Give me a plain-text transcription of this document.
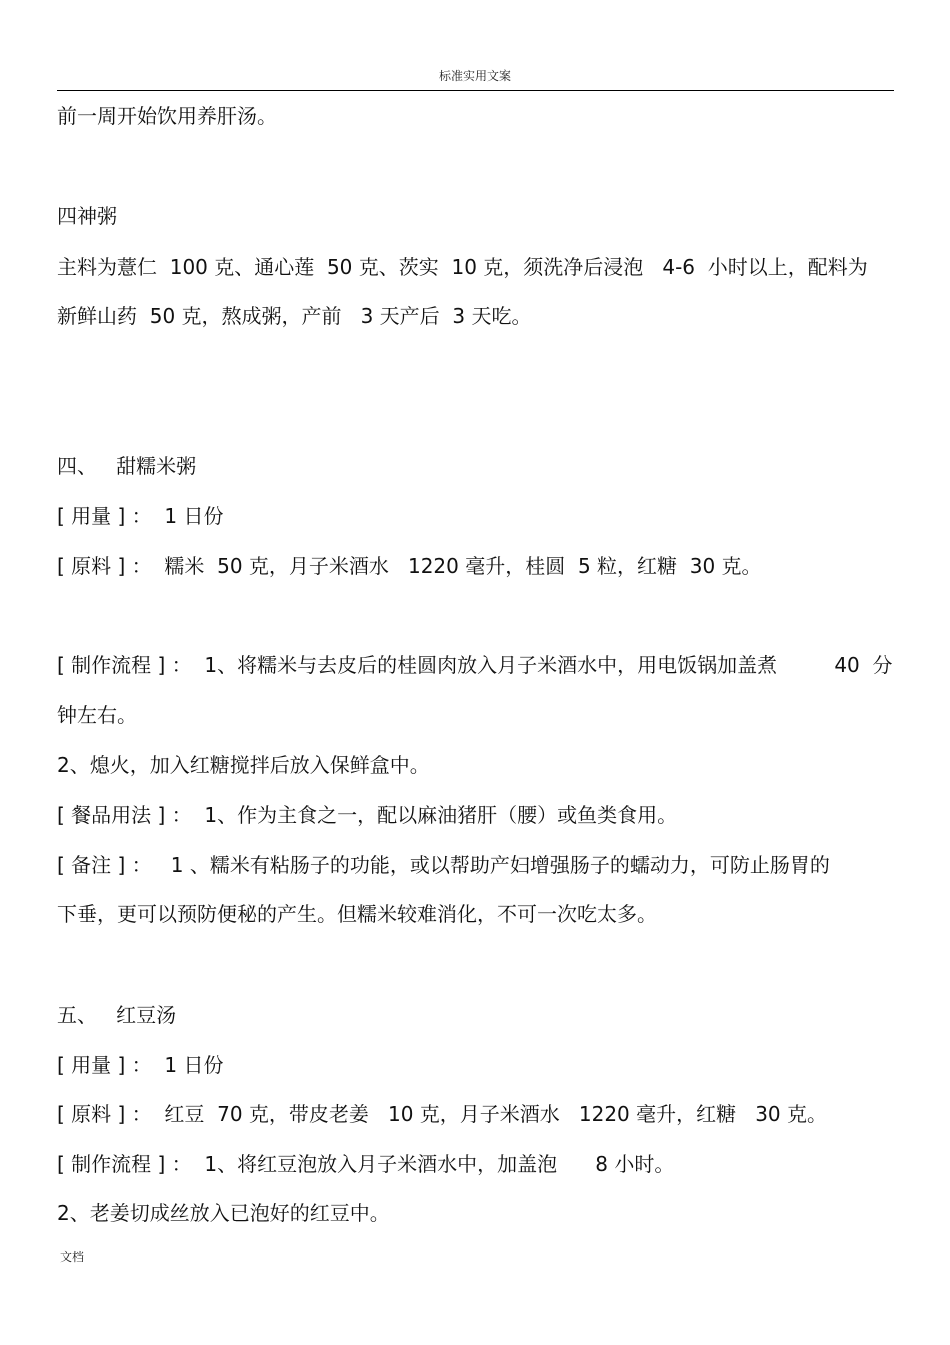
标准实用文案
前一周开始饮用养肝汤。
四神粥
主料为薏仁  100 克、通心莲  50 克、茨实  10 克，须洗净后浸泡   4-6  小时以上，配料为
新鲜山药  50 克，熬成粥，产前   3 天产后  3 天吃。
四、   甜糯米粥
[ 用量 ] ：  1 日份
[ 原料 ] ：  糯米  50 克，月子米酒水   1220 毫升，桂圆  5 粒，红糖  30 克。
[ 制作流程 ] ：  1、将糯米与去皮后的桂圆肉放入月子米酒水中，用电饭锅加盖煮         40  分
钟左右。
2、熄火，加入红糖搅拌后放入保鲜盒中。
[ 餐品用法 ] ：  1、作为主食之一，配以麻油猪肝（腰）或鱼类食用。
[ 备注 ] ：   1 、糯米有粘肠子的功能，或以帮助产妇增强肠子的蠕动力，可防止肠胃的
下垂，更可以预防便秘的产生。但糯米较难消化，不可一次吃太多。
五、   红豆汤
[ 用量 ] ：  1 日份
[ 原料 ] ：  红豆  70 克，带皮老姜   10 克，月子米酒水   1220 毫升，红糖   30 克。
[ 制作流程 ] ：  1、将红豆泡放入月子米酒水中，加盖泡      8 小时。
2、老姜切成丝放入已泡好的红豆中。
文档
